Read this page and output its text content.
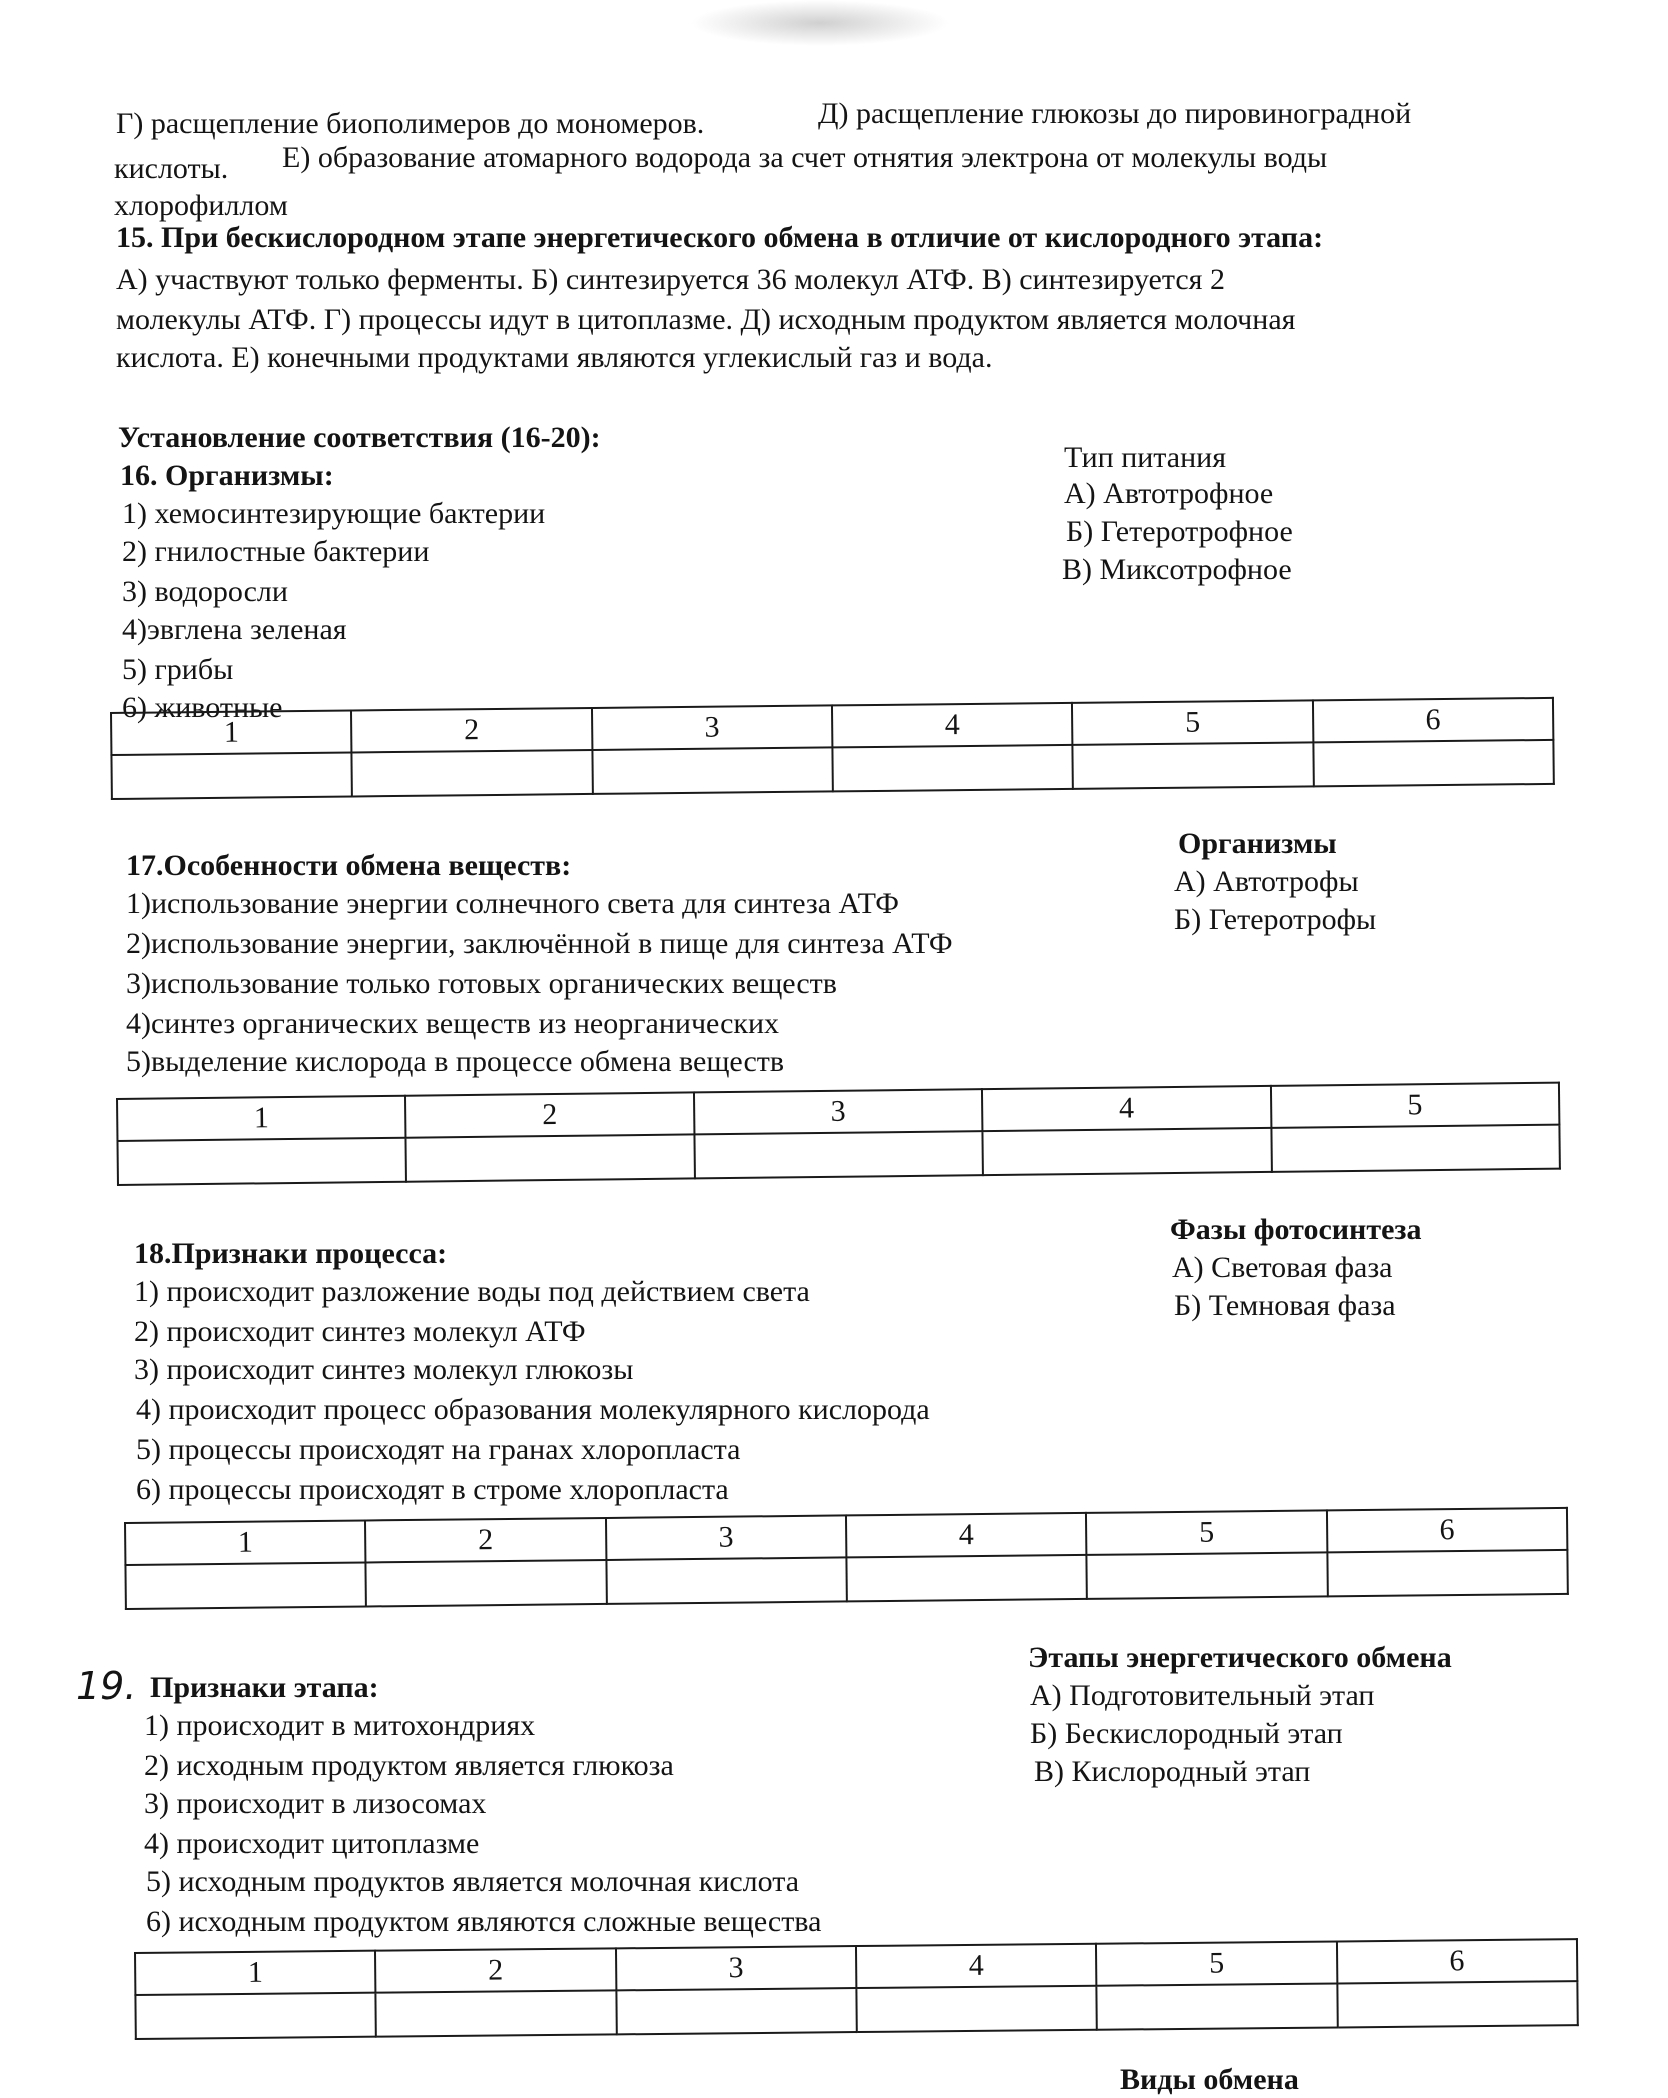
Г) расщепление биополимеров до мономеров.	Д) расщепление глюкозы до пировиноградной
кислоты. Е) образование атомарного водорода за счет отнятия электрона от молекулы воды
хлорофиллом
15. При бескислородном этапе энергетического обмена в отличие от кислородного этапа:
А) участвуют только ферменты. Б) синтезируется 36 молекул АТФ. В) синтезируется 2
молекулы АТФ. Г) процессы идут в цитоплазме. Д) исходным продуктом является молочная
кислота. Е) конечными продуктами являются углекислый газ и вода.
Установление соответствия (16-20):
16. Организмы:
1) хемосинтезирующие бактерии
2) гнилостные бактерии
3) водоросли
4)эвглена зеленая
5) грибы
6) животные
Тип питания
А) Автотрофное
Б) Гетеротрофное
В) Миксотрофное
1	2	3	4	5	6

17.Особенности обмена веществ:
1)использование энергии солнечного света для синтеза АТФ
2)использование энергии, заключённой в пище для синтеза АТФ
3)использование только готовых органических веществ
4)синтез органических веществ из неорганических
5)выделение кислорода в процессе обмена веществ
Организмы
А) Автотрофы
Б) Гетеротрофы
1	2	3	4	5

18.Признаки процесса:
1) происходит разложение воды под действием света
2) происходит синтез молекул АТФ
3) происходит синтез молекул глюкозы
4) происходит процесс образования молекулярного кислорода
5) процессы происходят на гранах хлоропласта
6) процессы происходят в строме хлоропласта
Фазы фотосинтеза
А) Световая фаза
Б) Темновая фаза
1	2	3	4	5	6

19. Признаки этапа:
1) происходит в митохондриях
2) исходным продуктом является глюкоза
3) происходит в лизосомах
4) происходит цитоплазме
5) исходным продуктов является молочная кислота
6) исходным продуктом являются сложные вещества
Этапы энергетического обмена
А) Подготовительный этап
Б) Бескислородный этап
В) Кислородный этап
1	2	3	4	5	6

Виды обмена
